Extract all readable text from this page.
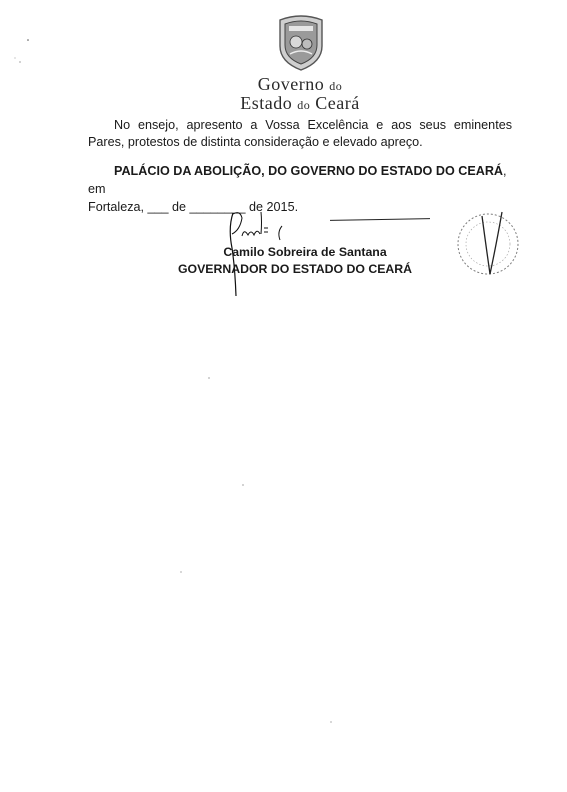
Governo do
Estado do Ceará
No ensejo, apresento a Vossa Excelência e aos seus eminentes Pares, protestos de distinta consideração e elevado apreço.
PALÁCIO DA ABOLIÇÃO, DO GOVERNO DO ESTADO DO CEARÁ, em
Fortaleza, ___ de ________ de 2015.
Camilo Sobreira de Santana
GOVERNADOR DO ESTADO DO CEARÁ
